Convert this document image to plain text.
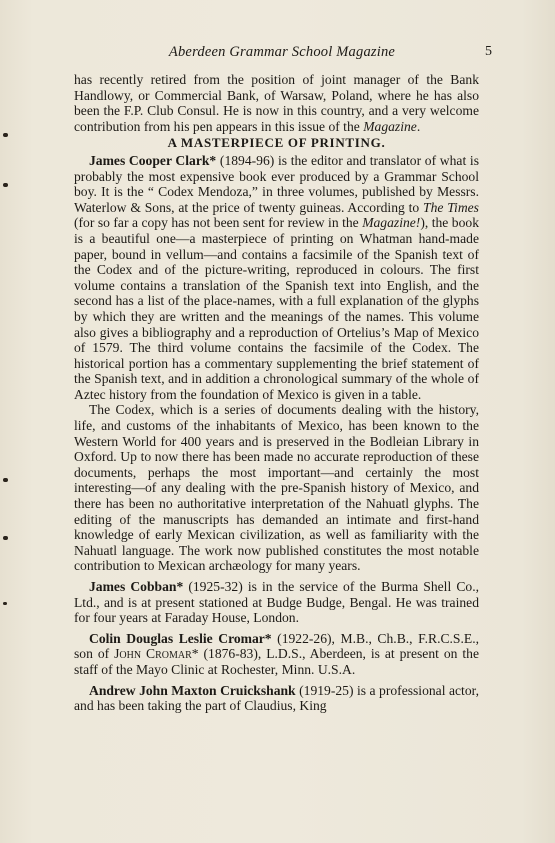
Aberdeen Grammar School Magazine	5

has recently retired from the position of joint manager of the Bank Handlowy, or Commercial Bank, of Warsaw, Poland, where he has also been the F.P. Club Consul. He is now in this country, and a very welcome contribution from his pen appears in this issue of the Magazine.

A MASTERPIECE OF PRINTING.

James Cooper Clark* (1894-96) is the editor and translator of what is probably the most expensive book ever produced by a Grammar School boy. It is the “ Codex Mendoza,” in three volumes, published by Messrs. Waterlow & Sons, at the price of twenty guineas. According to The Times (for so far a copy has not been sent for review in the Magazine!), the book is a beautiful one—a masterpiece of printing on Whatman hand-made paper, bound in vellum—and contains a facsimile of the Spanish text of the Codex and of the picture-writing, reproduced in colours. The first volume contains a translation of the Spanish text into English, and the second has a list of the place-names, with a full explanation of the glyphs by which they are written and the meanings of the names. This volume also gives a bibliography and a reproduction of Ortelius’s Map of Mexico of 1579. The third volume contains the facsimile of the Codex. The historical portion has a commentary supplementing the brief statement of the Spanish text, and in addition a chronological summary of the whole of Aztec history from the foundation of Mexico is given in a table.

The Codex, which is a series of documents dealing with the history, life, and customs of the inhabitants of Mexico, has been known to the Western World for 400 years and is preserved in the Bodleian Library in Oxford. Up to now there has been made no accurate reproduction of these documents, perhaps the most important—and certainly the most interesting—of any dealing with the pre-Spanish history of Mexico, and there has been no authoritative interpretation of the Nahuatl glyphs. The editing of the manuscripts has demanded an intimate and first-hand knowledge of early Mexican civilization, as well as familiarity with the Nahuatl language. The work now published constitutes the most notable contribution to Mexican archæology for many years.

James Cobban* (1925-32) is in the service of the Burma Shell Co., Ltd., and is at present stationed at Budge Budge, Bengal. He was trained for four years at Faraday House, London.

Colin Douglas Leslie Cromar* (1922-26), M.B., Ch.B., F.R.C.S.E., son of John Cromar* (1876-83), L.D.S., Aberdeen, is at present on the staff of the Mayo Clinic at Rochester, Minn. U.S.A.

Andrew John Maxton Cruickshank (1919-25) is a professional actor, and has been taking the part of Claudius, King
